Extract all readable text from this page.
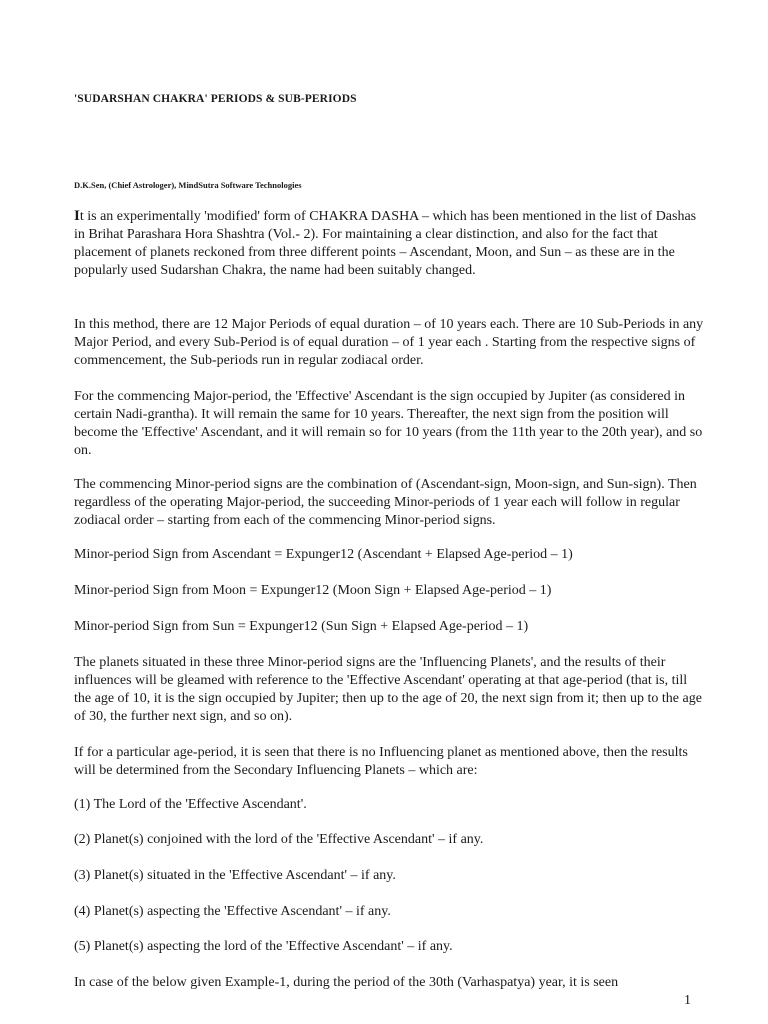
'SUDARSHAN CHAKRA' PERIODS & SUB-PERIODS

D.K.Sen, (Chief Astrologer), MindSutra Software Technologies

It is an experimentally 'modified' form of CHAKRA DASHA – which has been mentioned in the list of Dashas in Brihat Parashara Hora Shashtra (Vol.- 2). For maintaining a clear distinction, and also for the fact that placement of planets reckoned from three different points – Ascendant, Moon, and Sun – as these are in the popularly used Sudarshan Chakra, the name had been suitably changed.

In this method, there are 12 Major Periods of equal duration – of 10 years each. There are 10 Sub-Periods in any Major Period, and every Sub-Period is of equal duration – of 1 year each . Starting from the respective signs of commencement, the Sub-periods run in regular zodiacal order.

For the commencing Major-period, the 'Effective' Ascendant is the sign occupied by Jupiter (as considered in certain Nadi-grantha). It will remain the same for 10 years. Thereafter, the next sign from the position will become the 'Effective' Ascendant, and it will remain so for 10 years (from the 11th year to the 20th year), and so on.

The commencing Minor-period signs are the combination of (Ascendant-sign, Moon-sign, and Sun-sign). Then regardless of the operating Major-period, the succeeding Minor-periods of 1 year each will follow in regular zodiacal order – starting from each of the commencing Minor-period signs.

Minor-period Sign from Ascendant = Expunger12 (Ascendant + Elapsed Age-period – 1)

Minor-period Sign from Moon = Expunger12 (Moon Sign + Elapsed Age-period – 1)

Minor-period Sign from Sun = Expunger12 (Sun Sign + Elapsed Age-period – 1)

The planets situated in these three Minor-period signs are the 'Influencing Planets', and the results of their influences will be gleamed with reference to the 'Effective Ascendant' operating at that age-period (that is, till the age of 10, it is the sign occupied by Jupiter; then up to the age of 20, the next sign from it; then up to the age of 30, the further next sign, and so on).

If for a particular age-period, it is seen that there is no Influencing planet as mentioned above, then the results will be determined from the Secondary Influencing Planets – which are:

(1) The Lord of the 'Effective Ascendant'.

(2) Planet(s) conjoined with the lord of the 'Effective Ascendant' – if any.

(3) Planet(s) situated in the 'Effective Ascendant' – if any.

(4) Planet(s) aspecting the 'Effective Ascendant' – if any.

(5) Planet(s) aspecting the lord of the 'Effective Ascendant' – if any.

In case of the below given Example-1, during the period of the 30th (Varhaspatya) year, it is seen

1
